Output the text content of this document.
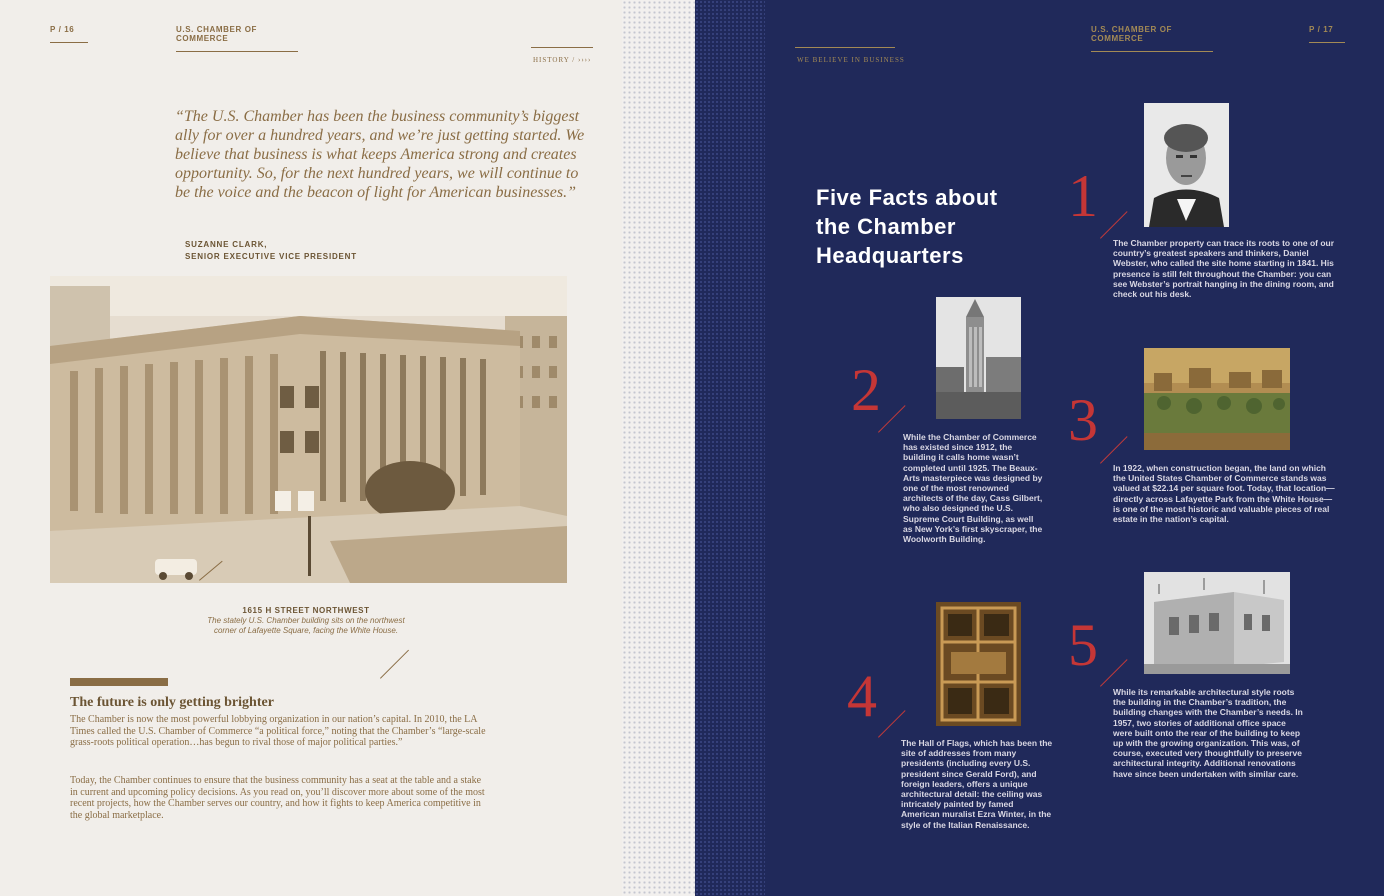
P / 16	U.S. CHAMBER OF COMMERCE
HISTORY / ››››
“The U.S. Chamber has been the business community’s biggest ally for over a hundred years, and we’re just getting started. We believe that business is what keeps America strong and creates opportunity. So, for the next hundred years, we will continue to be the voice and the beacon of light for American businesses.”
SUZANNE CLARK,
SENIOR EXECUTIVE VICE PRESIDENT
1615 H STREET NORTHWEST
The stately U.S. Chamber building sits on the northwest corner of Lafayette Square, facing the White House.
The future is only getting brighter
The Chamber is now the most powerful lobbying organization in our nation’s capital. In 2010, the LA Times called the U.S. Chamber of Commerce “a political force,” noting that the Chamber’s “large-scale grass-roots political operation…has begun to rival those of major political parties.”
Today, the Chamber continues to ensure that the business community has a seat at the table and a stake in current and upcoming policy decisions. As you read on, you’ll discover more about some of the most recent projects, how the Chamber serves our country, and how it fights to keep America competitive in the global marketplace.
U.S. CHAMBER OF COMMERCE
P / 17
WE BELIEVE IN BUSINESS
Five Facts about
the Chamber
Headquarters
1
The Chamber property can trace its roots to one of our country’s greatest speakers and thinkers, Daniel Webster, who called the site home starting in 1841. His presence is still felt throughout the Chamber: you can see Webster’s portrait hanging in the dining room, and check out his desk.
2
While the Chamber of Commerce has existed since 1912, the building it calls home wasn’t completed until 1925. The Beaux-Arts masterpiece was designed by one of the most renowned architects of the day, Cass Gilbert, who also designed the U.S. Supreme Court Building, as well as New York’s first skyscraper, the Woolworth Building.
3
In 1922, when construction began, the land on which the United States Chamber of Commerce stands was valued at $22.14 per square foot. Today, that location—directly across Lafayette Park from the White House—is one of the most historic and valuable pieces of real estate in the nation’s capital.
4
The Hall of Flags, which has been the site of addresses from many presidents (including every U.S. president since Gerald Ford), and foreign leaders, offers a unique architectural detail: the ceiling was intricately painted by famed American muralist Ezra Winter, in the style of the Italian Renaissance.
5
While its remarkable architectural style roots the building in the Chamber’s tradition, the building changes with the Chamber’s needs. In 1957, two stories of additional office space were built onto the rear of the building to keep up with the growing organization. This was, of course, executed very thoughtfully to preserve architectural integrity. Additional renovations have since been undertaken with similar care.
